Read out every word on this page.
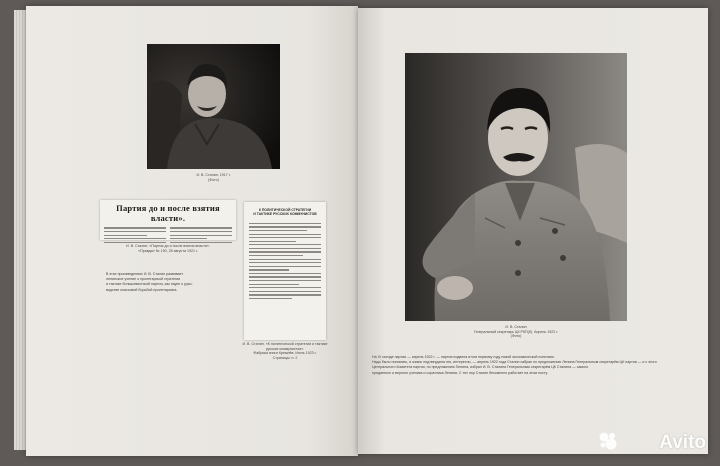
И. В. Сталин. 1917 г.
(Фото)
Партия до и после взятия власти».
И. В. Сталин. «Партия до и после взятия власти».
«Правда» № 190, 28 августа 1921 г.
В этих произведениях И. В. Сталин развивает
ленинское учение о пролетарской стратегии
и тактике большевистской партии, как науке о руко-
водстве классовой борьбой пролетариата.
К ПОЛИТИЧЕСКОЙ СТРАТЕГИИ
И ТАКТИКЕ РУССКИХ КОММУНИСТОВ
И. В. Сталин. «К политической стратегии и тактике
русских коммунистов».
Фабрика книги Кремлёв. Июль 1923 г.
Страницы: п. 2
И. В. Сталин
Генеральный секретарь ЦК РКП(б). Апрель 1922 г.
(Фото)
На XI съезде партии — апрель 1922 г. — партия подвела итоги первому году новой экономической политики.
Надо было понимать, и жизнь подтвердила это, интересно, — апрель 1922 года Сталин избран по предложению Ленина Генеральным секретарём ЦК партии — и с этого
Центрального Комитета партии, по предложению Ленина, избрал И. В. Сталина Генеральным секретарём ЦК Сталина — самого
преданного и верного ученика и соратника Ленина. С тех пор Сталин бессменно работает на этом посту.
Avito
